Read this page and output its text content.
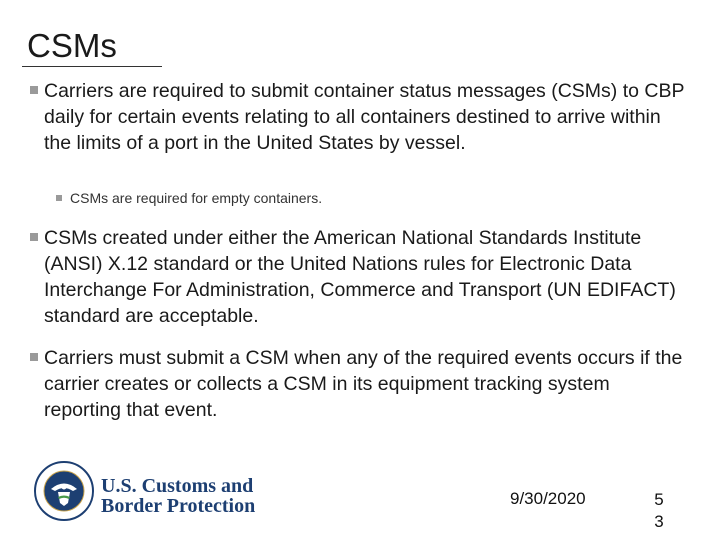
CSMs
Carriers are required to submit container status messages (CSMs) to CBP daily for certain events relating to all containers destined to arrive within the limits of a port in the United States by vessel.
CSMs are required for empty containers.
CSMs created under either the American National Standards Institute (ANSI) X.12 standard or the United Nations rules for Electronic Data Interchange For Administration, Commerce and Transport (UN EDIFACT) standard are acceptable.
Carriers must submit a CSM when any of the required events occurs if the carrier creates or collects a CSM in its equipment tracking system reporting that event.
U.S. Customs and
Border Protection	9/30/2020	5
3
